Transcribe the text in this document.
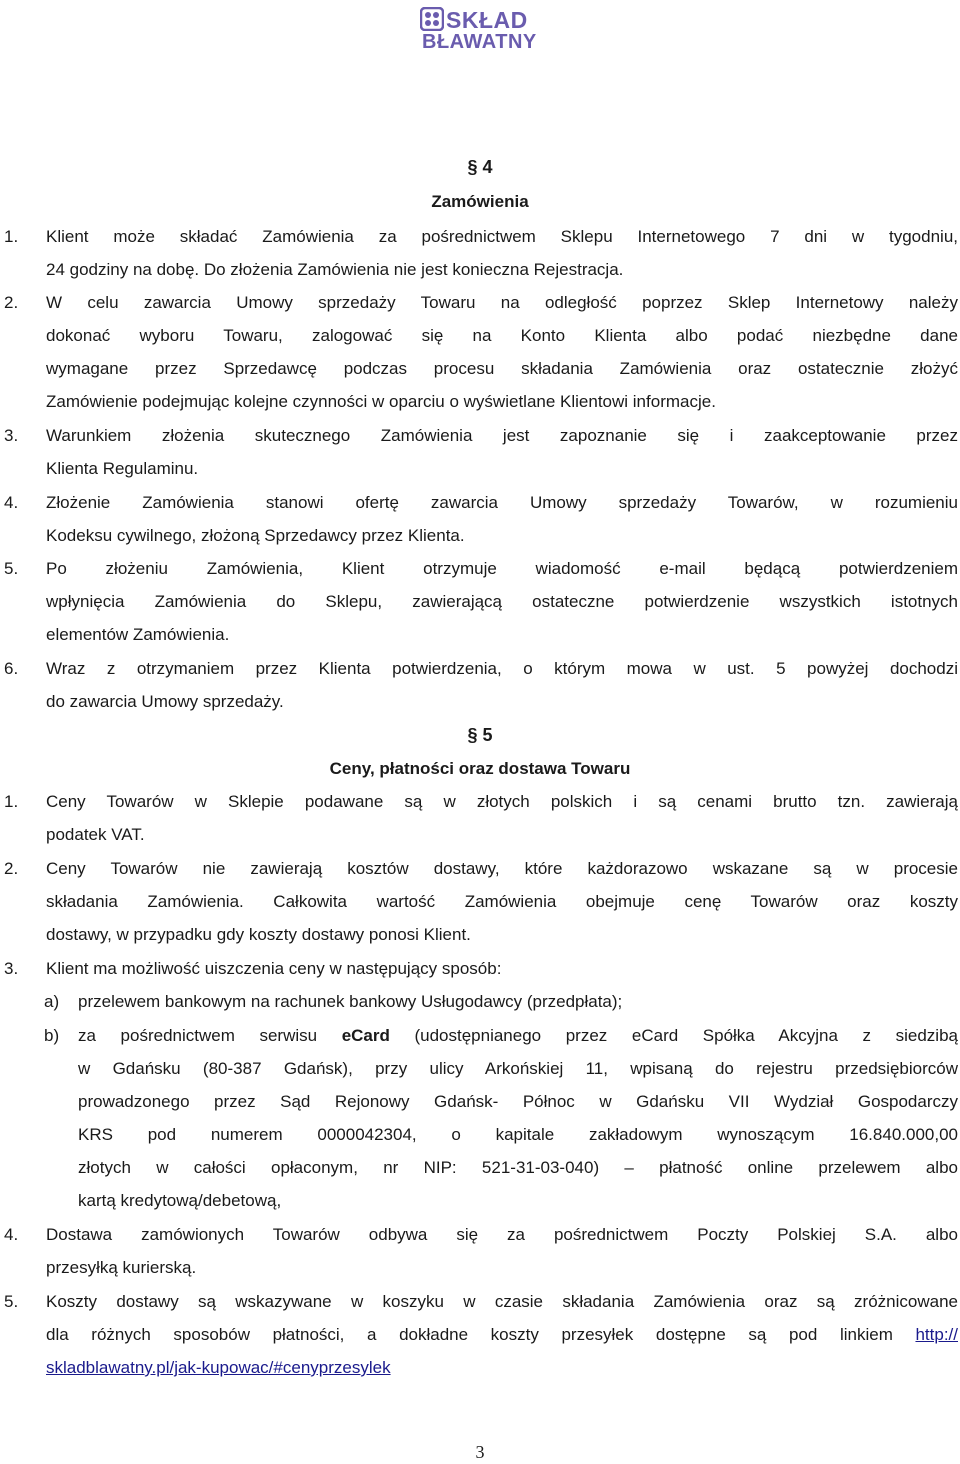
SKŁAD
BŁAWATNY
§ 4
Zamówienia
1. Klient może składać Zamówienia za pośrednictwem Sklepu Internetowego 7 dni w tygodniu,
24 godziny na dobę. Do złożenia Zamówienia nie jest konieczna Rejestracja.
2. W celu zawarcia Umowy sprzedaży Towaru na odległość poprzez Sklep Internetowy należy
dokonać wyboru Towaru, zalogować się na Konto Klienta albo podać niezbędne dane
wymagane przez Sprzedawcę podczas procesu składania Zamówienia oraz ostatecznie złożyć
Zamówienie podejmując kolejne czynności w oparciu o wyświetlane Klientowi informacje.
3. Warunkiem złożenia skutecznego Zamówienia jest zapoznanie się i zaakceptowanie przez
Klienta Regulaminu.
4. Złożenie Zamówienia stanowi ofertę zawarcia Umowy sprzedaży Towarów, w rozumieniu
Kodeksu cywilnego, złożoną Sprzedawcy przez Klienta.
5. Po złożeniu Zamówienia, Klient otrzymuje wiadomość e-mail będącą potwierdzeniem
wpłynięcia Zamówienia do Sklepu, zawierającą ostateczne potwierdzenie wszystkich istotnych
elementów Zamówienia.
6. Wraz z otrzymaniem przez Klienta potwierdzenia, o którym mowa w ust. 5 powyżej dochodzi
do zawarcia Umowy sprzedaży.
§ 5
Ceny, płatności oraz dostawa Towaru
1. Ceny Towarów w Sklepie podawane są w złotych polskich i są cenami brutto tzn. zawierają
podatek VAT.
2. Ceny Towarów nie zawierają kosztów dostawy, które każdorazowo wskazane są w procesie
składania Zamówienia. Całkowita wartość Zamówienia obejmuje cenę Towarów oraz koszty
dostawy, w przypadku gdy koszty dostawy ponosi Klient.
3. Klient ma możliwość uiszczenia ceny w następujący sposób:
a) przelewem bankowym na rachunek bankowy Usługodawcy (przedpłata);
b) za pośrednictwem serwisu eCard (udostępnianego przez eCard Spółka Akcyjna z siedzibą
w Gdańsku (80-387 Gdańsk), przy ulicy Arkońskiej 11, wpisaną do rejestru przedsiębiorców
prowadzonego przez Sąd Rejonowy Gdańsk- Północ w Gdańsku VII Wydział Gospodarczy
KRS pod numerem 0000042304, o kapitale zakładowym wynoszącym 16.840.000,00
złotych w całości opłaconym, nr NIP: 521-31-03-040) – płatność online przelewem albo
kartą kredytową/debetową,
4. Dostawa zamówionych Towarów odbywa się za pośrednictwem Poczty Polskiej S.A. albo
przesyłką kurierską.
5. Koszty dostawy są wskazywane w koszyku w czasie składania Zamówienia oraz są zróżnicowane
dla różnych sposobów płatności, a dokładne koszty przesyłek dostępne są pod linkiem http://
skladblawatny.pl/jak-kupowac/#cenyprzesylek
3
